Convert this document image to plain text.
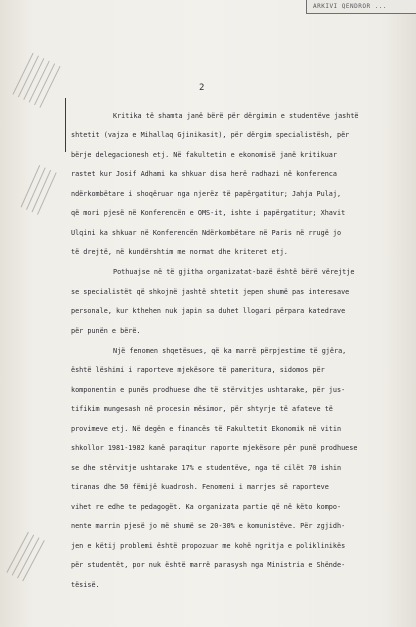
ARKIVI QENDROR ...
2

Kritika të shamta janë bërë për dërgimin e studentëve jashtë

shtetit (vajza e Mihallaq Gjinikasit), për dërgim specialistësh, për

bërje delegacionesh etj. Në fakultetin e ekonomisë janë kritikuar

rastet kur Josif Adhami ka shkuar disa herë radhazi në konferenca

ndërkombëtare i shoqëruar nga njerëz të papërgatitur; Jahja Pulaj,

që mori pjesë në Konferencën e OMS-it, ishte i papërgatitur; Xhavit

Ulqini ka shkuar në Konferencën Ndërkombëtare në Paris në rrugë jo

të drejtë, në kundërshtim me normat dhe kriteret etj.

Pothuajse në të gjitha organizatat-bazë është bërë vërejtje

se specialistët që shkojnë jashtë shtetit jepen shumë pas interesave

personale, kur kthehen nuk japin sa duhet llogari përpara katedrave

për punën e bërë.

Një fenomen shqetësues, që ka marrë përpjestime të gjëra,

është lëshimi i raporteve mjekësore të pameritura, sidomos për

komponentin e punës prodhuese dhe të stërvitjes ushtarake, për jus-

tifikim mungesash në procesin mësimor, për shtyrje të afateve të

provimeve etj. Në degën e financës të Fakultetit Ekonomik në vitin

shkollor 1981-1982 kanë paraqitur raporte mjekësore për punë prodhuese

se dhe stërvitje ushtarake 17% e studentëve, nga të cilët 70 ishin

tiranas dhe 50 fëmijë kuadrosh. Fenomeni i marrjes së raporteve

vihet re edhe te pedagogët. Ka organizata partie që në këto kompo-

nente marrin pjesë jo më shumë se 20-30% e komunistëve. Për zgjidh-

jen e këtij problemi është propozuar me kohë ngritja e poliklinikës

për studentët, por nuk është marrë parasysh nga Ministria e Shënde-

tësisë.
